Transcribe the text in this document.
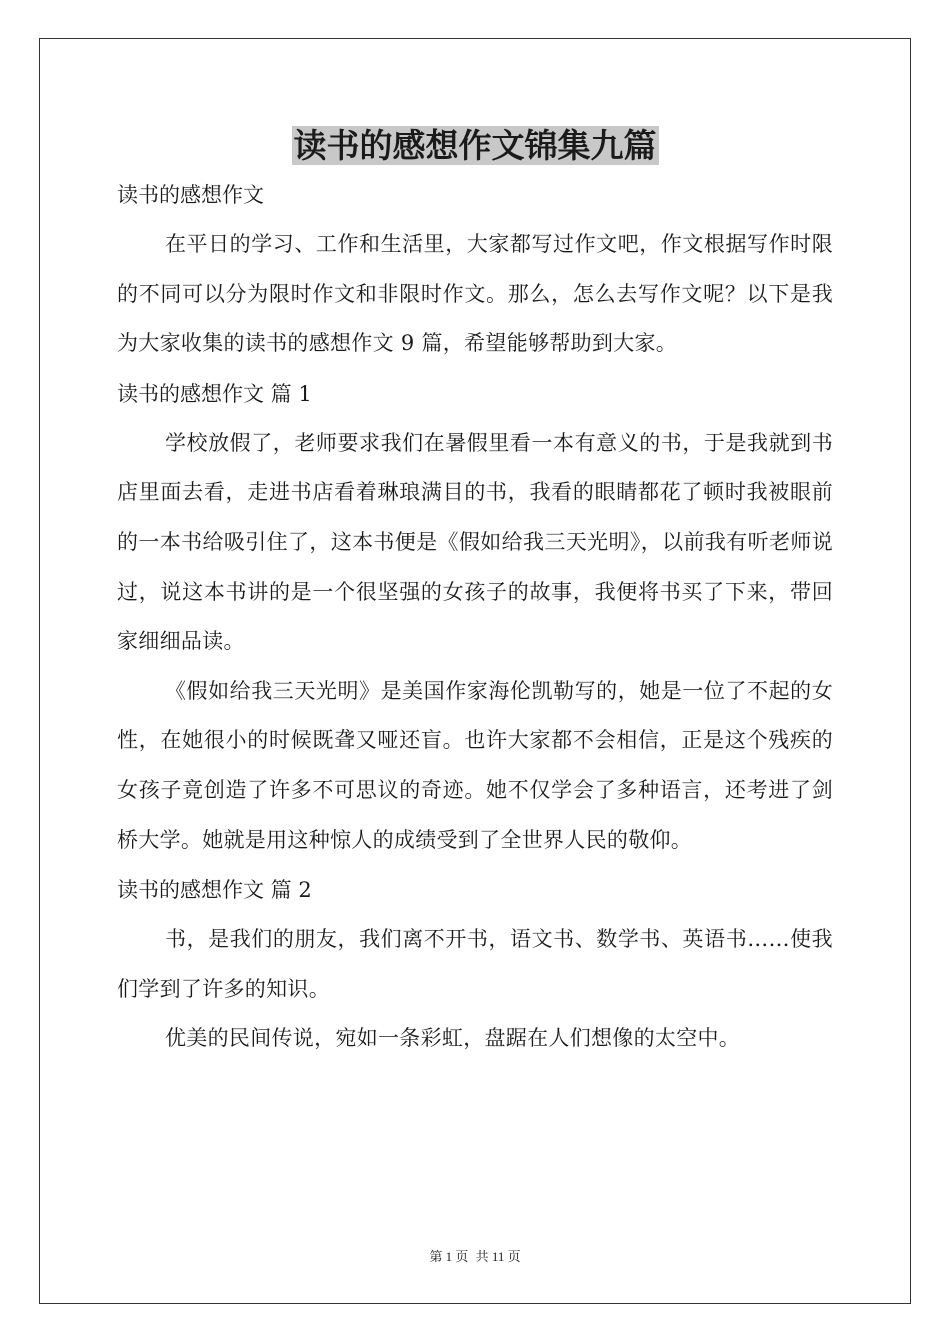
读书的感想作文锦集九篇

读书的感想作文

在平日的学习、工作和生活里，大家都写过作文吧，作文根据写作时限的不同可以分为限时作文和非限时作文。那么，怎么去写作文呢？以下是我为大家收集的读书的感想作文 9 篇，希望能够帮助到大家。

读书的感想作文 篇 1

学校放假了，老师要求我们在暑假里看一本有意义的书，于是我就到书店里面去看，走进书店看着琳琅满目的书，我看的眼睛都花了顿时我被眼前的一本书给吸引住了，这本书便是《假如给我三天光明》，以前我有听老师说过，说这本书讲的是一个很坚强的女孩子的故事，我便将书买了下来，带回家细细品读。

《假如给我三天光明》是美国作家海伦凯勒写的，她是一位了不起的女性，在她很小的时候既聋又哑还盲。也许大家都不会相信，正是这个残疾的女孩子竟创造了许多不可思议的奇迹。她不仅学会了多种语言，还考进了剑桥大学。她就是用这种惊人的成绩受到了全世界人民的敬仰。

读书的感想作文 篇 2

书，是我们的朋友，我们离不开书，语文书、数学书、英语书……使我们学到了许多的知识。

优美的民间传说，宛如一条彩虹，盘踞在人们想像的太空中。

第 1 页 共 11 页
